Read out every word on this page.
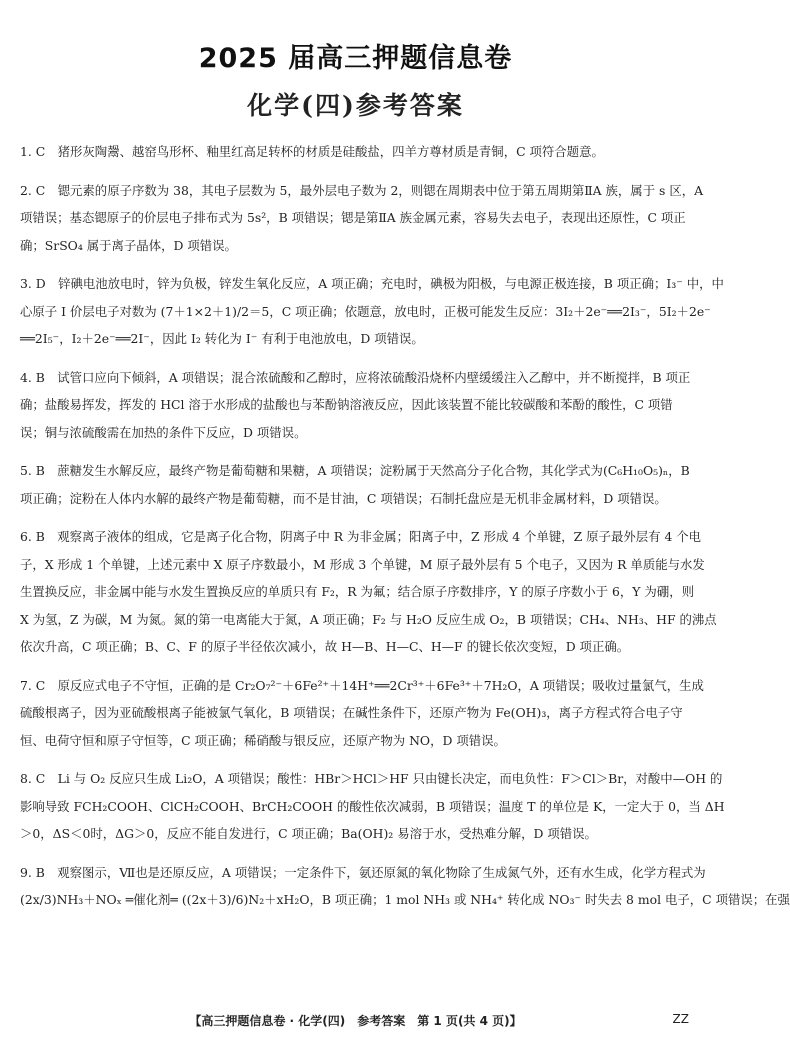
2025 届高三押题信息卷
化学(四)参考答案
1. C　猪形灰陶鬶、越窑鸟形杯、釉里红高足转杯的材质是硅酸盐，四羊方尊材质是青铜，C 项符合题意。
2. C　锶元素的原子序数为 38，其电子层数为 5，最外层电子数为 2，则锶在周期表中位于第五周期第ⅡA 族，属于 s 区，A
项错误；基态锶原子的价层电子排布式为 5s²，B 项错误；锶是第ⅡA 族金属元素，容易失去电子，表现出还原性，C 项正
确；SrSO₄ 属于离子晶体，D 项错误。
3. D　锌碘电池放电时，锌为负极，锌发生氧化反应，A 项正确；充电时，碘极为阳极，与电源正极连接，B 项正确；I₃⁻ 中，中
心原子 I 价层电子对数为 (7＋1×2＋1)/2＝5，C 项正确；依题意，放电时，正极可能发生反应：3I₂＋2e⁻══2I₃⁻，5I₂＋2e⁻
══2I₅⁻，I₂＋2e⁻══2I⁻，因此 I₂ 转化为 I⁻ 有利于电池放电，D 项错误。
4. B　试管口应向下倾斜，A 项错误；混合浓硫酸和乙醇时，应将浓硫酸沿烧杯内壁缓缓注入乙醇中，并不断搅拌，B 项正
确；盐酸易挥发，挥发的 HCl 溶于水形成的盐酸也与苯酚钠溶液反应，因此该装置不能比较碳酸和苯酚的酸性，C 项错
误；铜与浓硫酸需在加热的条件下反应，D 项错误。
5. B　蔗糖发生水解反应，最终产物是葡萄糖和果糖，A 项错误；淀粉属于天然高分子化合物，其化学式为(C₆H₁₀O₅)ₙ，B
项正确；淀粉在人体内水解的最终产物是葡萄糖，而不是甘油，C 项错误；石制托盘应是无机非金属材料，D 项错误。
6. B　观察离子液体的组成，它是离子化合物，阴离子中 R 为非金属；阳离子中，Z 形成 4 个单键，Z 原子最外层有 4 个电
子，X 形成 1 个单键，上述元素中 X 原子序数最小，M 形成 3 个单键，M 原子最外层有 5 个电子，又因为 R 单质能与水发
生置换反应，非金属中能与水发生置换反应的单质只有 F₂，R 为氟；结合原子序数排序，Y 的原子序数小于 6，Y 为硼，则
X 为氢，Z 为碳，M 为氮。氮的第一电离能大于氮，A 项正确；F₂ 与 H₂O 反应生成 O₂，B 项错误；CH₄、NH₃、HF 的沸点
依次升高，C 项正确；B、C、F 的原子半径依次减小，故 H—B、H—C、H—F 的键长依次变短，D 项正确。
7. C　原反应式电子不守恒，正确的是 Cr₂O₇²⁻＋6Fe²⁺＋14H⁺══2Cr³⁺＋6Fe³⁺＋7H₂O，A 项错误；吸收过量氯气，生成
硫酸根离子，因为亚硫酸根离子能被氯气氧化，B 项错误；在碱性条件下，还原产物为 Fe(OH)₃，离子方程式符合电子守
恒、电荷守恒和原子守恒等，C 项正确；稀硝酸与银反应，还原产物为 NO，D 项错误。
8. C　Li 与 O₂ 反应只生成 Li₂O，A 项错误；酸性：HBr＞HCl＞HF 只由键长决定，而电负性：F＞Cl＞Br，对酸中—OH 的
影响导致 FCH₂COOH、ClCH₂COOH、BrCH₂COOH 的酸性依次减弱，B 项错误；温度 T 的单位是 K，一定大于 0，当 ΔH
＞0，ΔS＜0时，ΔG＞0，反应不能自发进行，C 项正确；Ba(OH)₂ 易溶于水，受热难分解，D 项错误。
9. B　观察图示，Ⅶ也是还原反应，A 项错误；一定条件下，氨还原氮的氧化物除了生成氮气外，还有水生成，化学方程式为
(2x/3)NH₃＋NOₓ ═催化剂═ ((2x＋3)/6)N₂＋xH₂O，B 项正确；1 mol NH₃ 或 NH₄⁺ 转化成 NO₃⁻ 时失去 8 mol 电子，C 项错误；在强
【高三押题信息卷 · 化学(四)　参考答案　第 1 页(共 4 页)】	ZZ
